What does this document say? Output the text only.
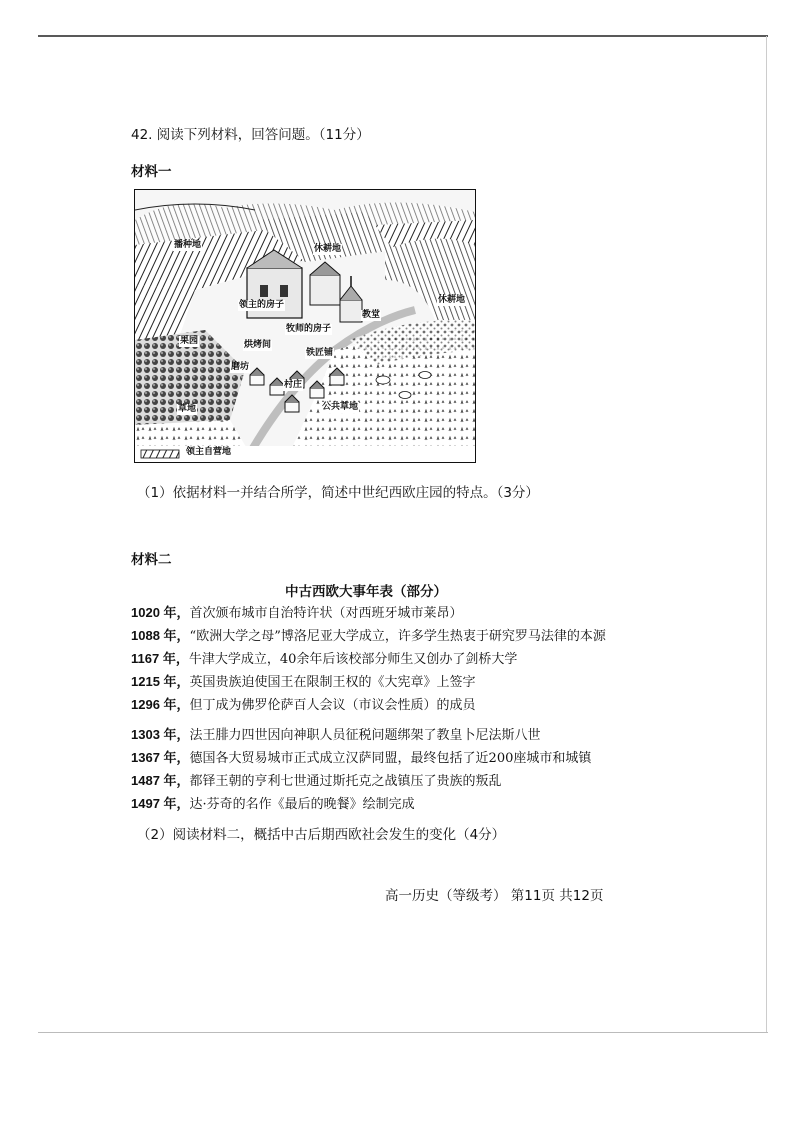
42. 阅读下列材料，回答问题。（11分）
材料一
播种地	休耕地
休耕地
领主的房子
教堂
果园
牧师的房子
烘烤间
磨坊
铁匠铺
村庄
草地	公共草地
领主自营地
（1）依据材料一并结合所学，简述中世纪西欧庄园的特点。（3分）
材料二
中古西欧大事年表（部分）
1020 年，首次颁布城市自治特许状（对西班牙城市莱昂）
1088 年，“欧洲大学之母”博洛尼亚大学成立，许多学生热衷于研究罗马法律的本源
1167 年，牛津大学成立，40余年后该校部分师生又创办了剑桥大学
1215 年，英国贵族迫使国王在限制王权的《大宪章》上签字
1296 年，但丁成为佛罗伦萨百人会议（市议会性质）的成员
1303 年，法王腓力四世因向神职人员征税问题绑架了教皇卜尼法斯八世
1367 年，德国各大贸易城市正式成立汉萨同盟，最终包括了近200座城市和城镇
1487 年，都铎王朝的亨利七世通过斯托克之战镇压了贵族的叛乱
1497 年，达·芬奇的名作《最后的晚餐》绘制完成
（2）阅读材料二，概括中古后期西欧社会发生的变化（4分）
高一历史（等级考） 第11页 共12页
